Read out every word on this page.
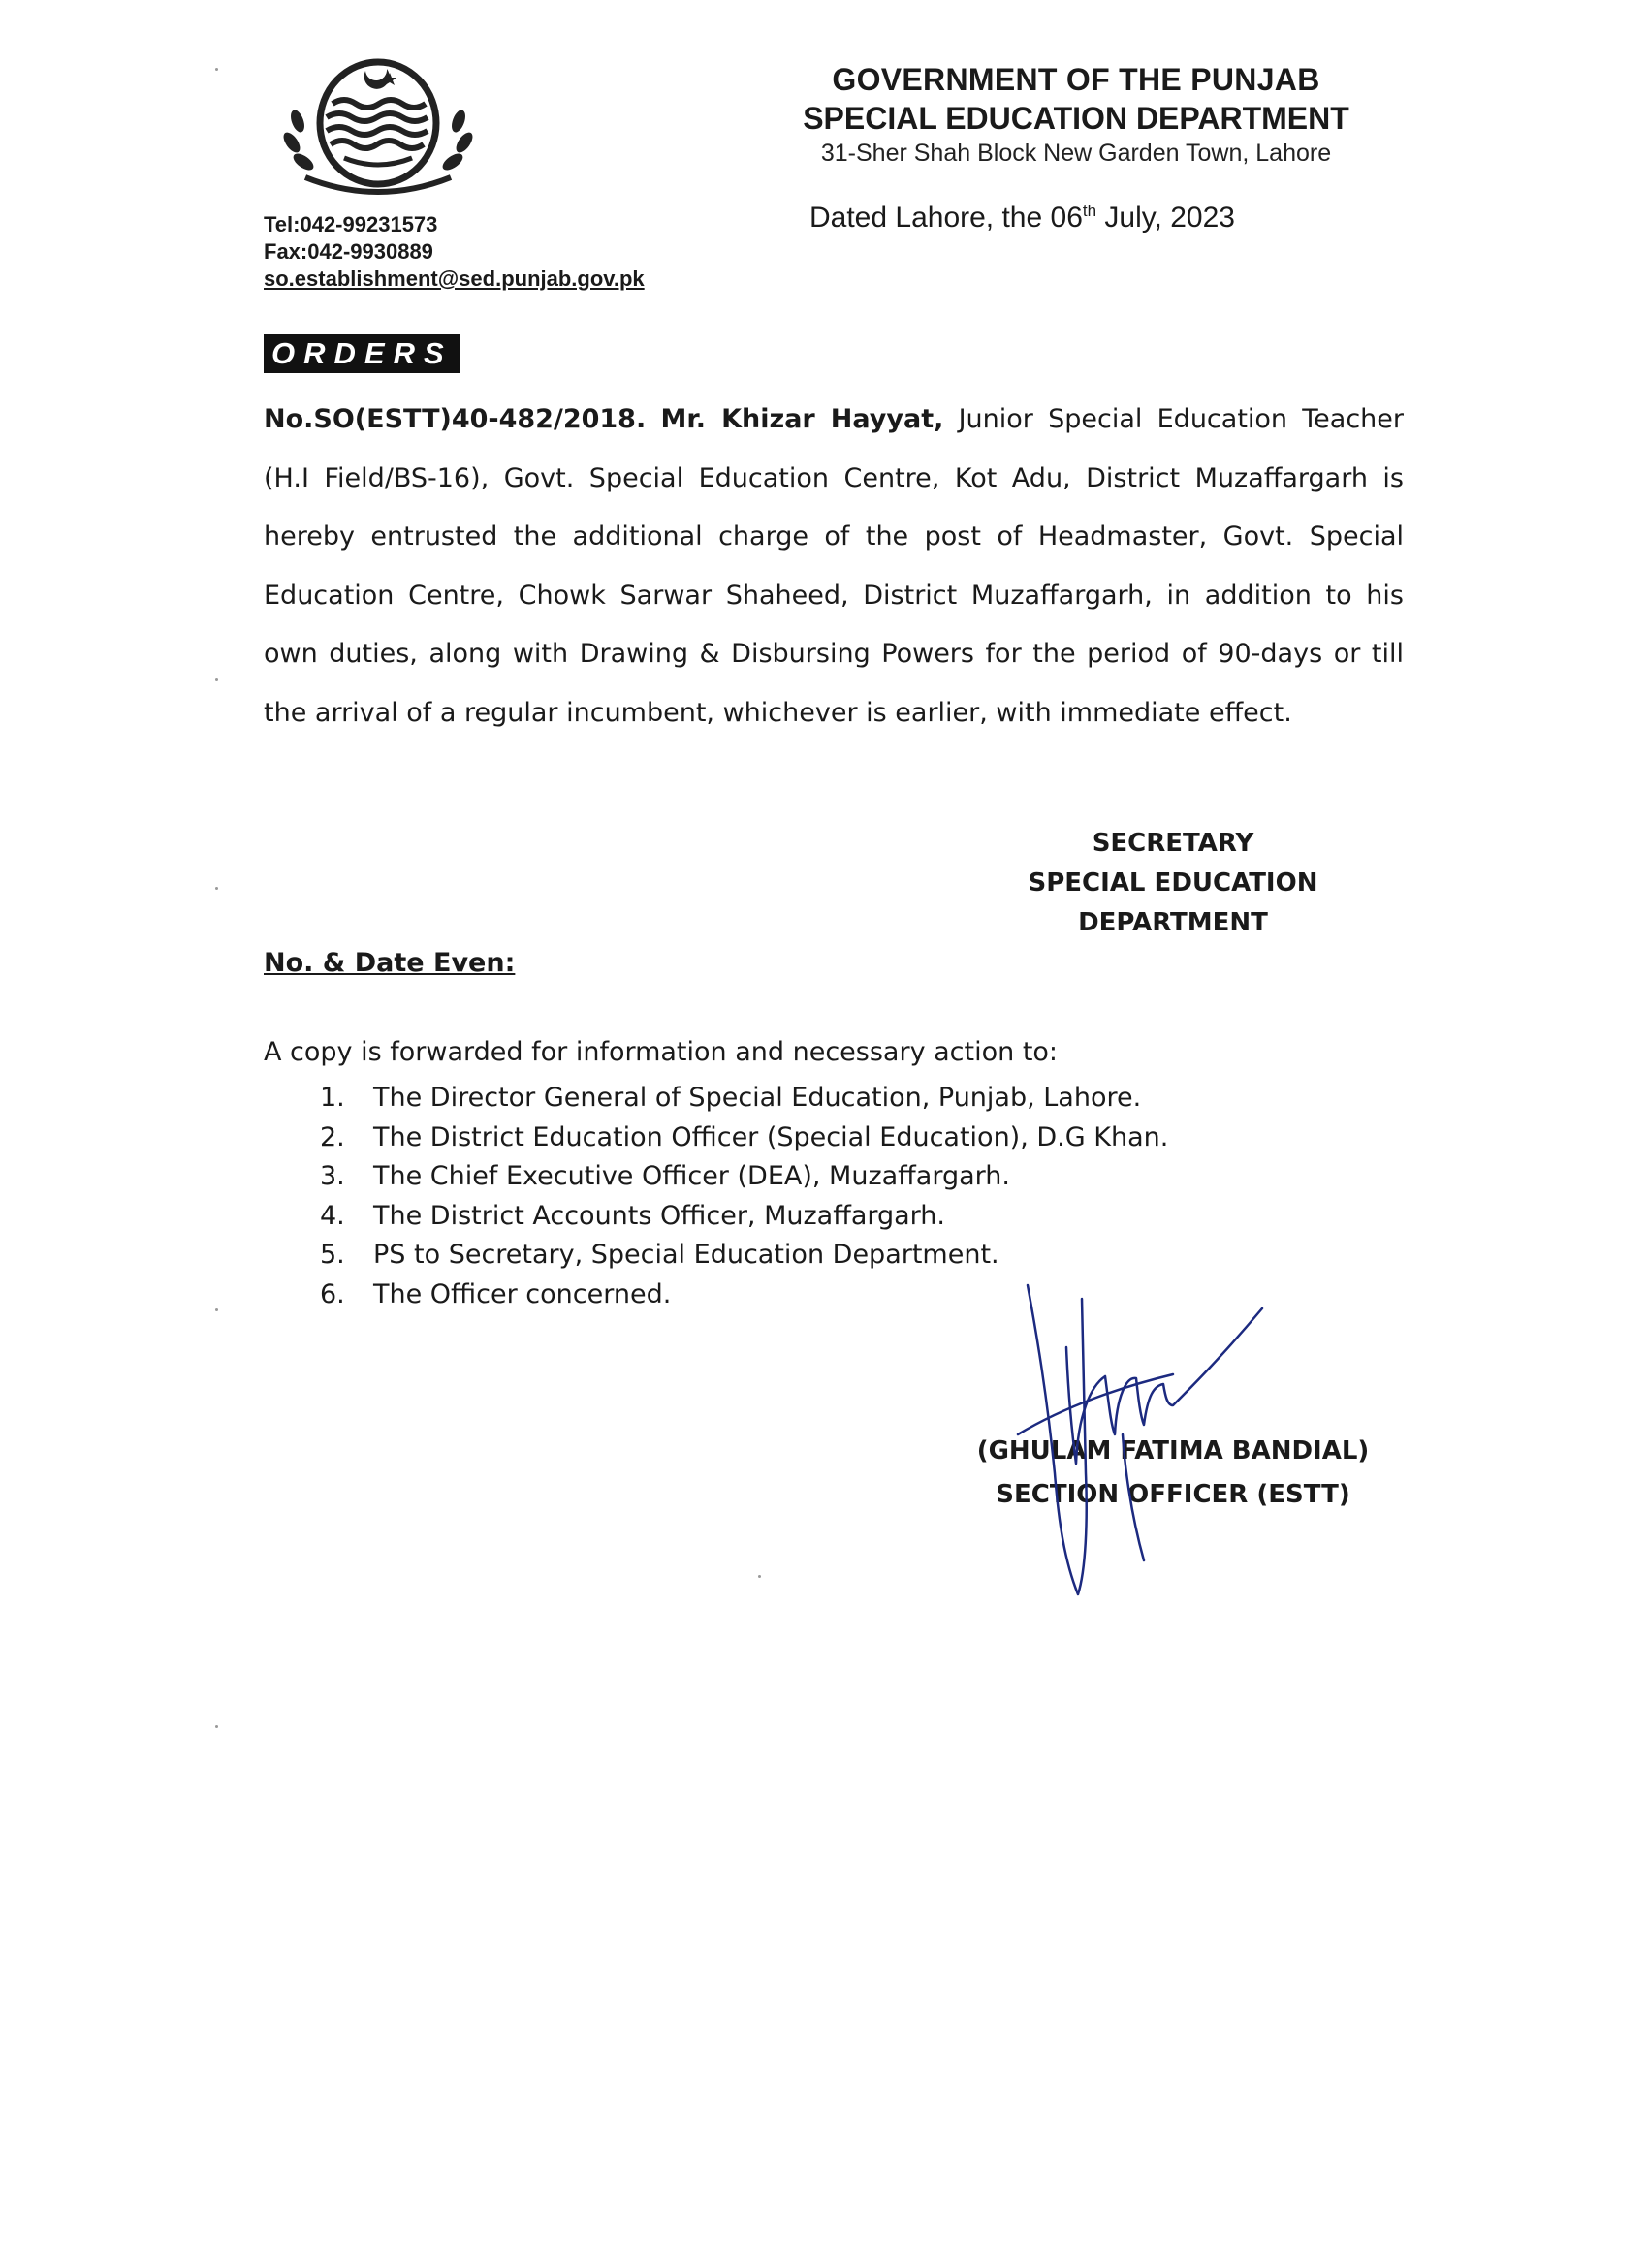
GOVERNMENT OF THE PUNJAB
SPECIAL EDUCATION DEPARTMENT
31-Sher Shah Block New Garden Town, Lahore
Tel:042-99231573
Fax:042-9930889
so.establishment@sed.punjab.gov.pk
Dated Lahore, the 06th July, 2023
ORDERS
No.SO(ESTT)40-482/2018. Mr. Khizar Hayyat, Junior Special Education Teacher (H.I Field/BS-16), Govt. Special Education Centre, Kot Adu, District Muzaffargarh is hereby entrusted the additional charge of the post of Headmaster, Govt. Special Education Centre, Chowk Sarwar Shaheed, District Muzaffargarh, in addition to his own duties, along with Drawing & Disbursing Powers for the period of 90-days or till the arrival of a regular incumbent, whichever is earlier, with immediate effect.
SECRETARY
SPECIAL EDUCATION
DEPARTMENT
No. & Date Even:
A copy is forwarded for information and necessary action to:
1. The Director General of Special Education, Punjab, Lahore.
2. The District Education Officer (Special Education), D.G Khan.
3. The Chief Executive Officer (DEA), Muzaffargarh.
4. The District Accounts Officer, Muzaffargarh.
5. PS to Secretary, Special Education Department.
6. The Officer concerned.
(GHULAM FATIMA BANDIAL)
SECTION OFFICER (ESTT)
